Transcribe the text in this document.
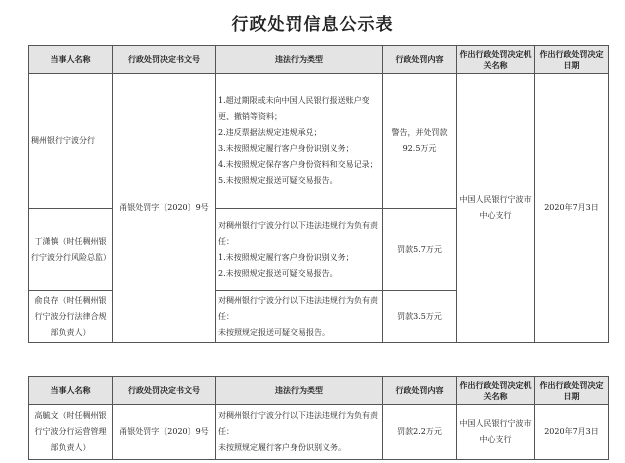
行政处罚信息公示表
当事人名称	行政处罚决定书文号	违法行为类型	行政处罚内容	作出行政处罚决定机关名称	作出行政处罚决定日期
稠州银行宁波分行	甬银处罚字〔2020〕9号	1.超过期限或未向中国人民银行报送账户变更、撤销等资料；
2.违反票据法规定违规承兑；
3.未按照规定履行客户身份识别义务；
4.未按照规定保存客户身份资料和交易记录；
5.未按照规定报送可疑交易报告。	警告，并处罚款92.5万元	中国人民银行宁波市中心支行	2020年7月3日
丁潇慎（时任稠州银行宁波分行风险总监）		对稠州银行宁波分行以下违法违规行为负有责任：
1.未按照规定履行客户身份识别义务；
2.未按照规定报送可疑交易报告。	罚款5.7万元		
俞良存（时任稠州银行宁波分行法律合规部负责人）		对稠州银行宁波分行以下违法违规行为负有责任：
未按照规定报送可疑交易报告。	罚款3.5万元		
当事人名称	行政处罚决定书文号	违法行为类型	行政处罚内容	作出行政处罚决定机关名称	作出行政处罚决定日期
高毓文（时任稠州银行宁波分行运营管理部负责人）	甬银处罚字〔2020〕9号	对稠州银行宁波分行以下违法违规行为负有责任：
未按照规定履行客户身份识别义务。	罚款2.2万元	中国人民银行宁波市中心支行	2020年7月3日
